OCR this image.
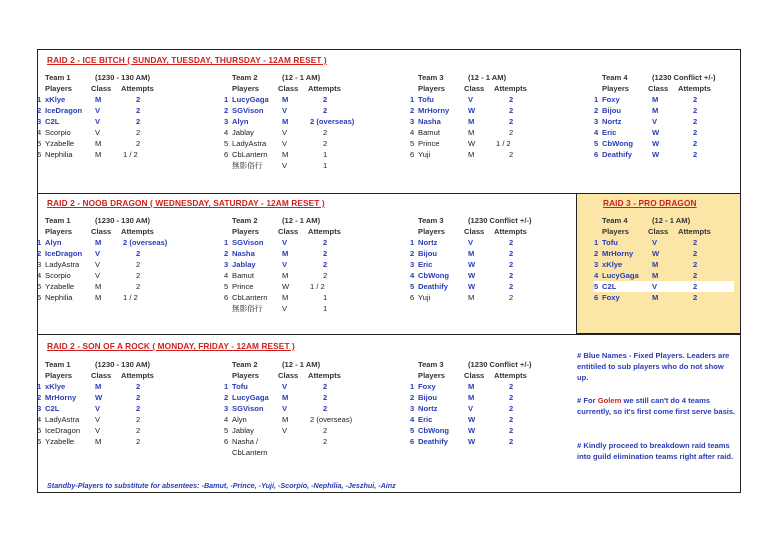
RAID 2 - ICE BITCH ( SUNDAY, TUESDAY, THURSDAY - 12AM RESET )
RAID 2 - NOOB DRAGON ( WEDNESDAY, SATURDAY - 12AM RESET )
RAID 2 - SON OF A ROCK ( MONDAY, FRIDAY - 12AM RESET )
RAID 3 - PRO DRAGON
Team 1	(1230 - 130 AM)
Players Class Attempts
1 xKlye	M	2
2 IceDragon V	2
3 C2L	V	2
4 Scorpio	V	2
5 Yzabelle	M	2
6 Nephilia	M	1 / 2
Team 2	(12 - 1 AM)
Players Class Attempts
1 LucyGaga M	2
2 SGVison V	2
3 Alyn	M	2 (overseas)
4 Jablay	V	2
5 LadyAstra V	2
6 CbLantern M	1
無影俗行	V	1
Team 3	(12 - 1 AM)
Players Class Attempts
1 Tofu	V	2
2 MrHorny W	2
3 Nasha	M	2
4 Bamut	M	2
5 Prince	W	1 / 2
6 Yuji	M	2
Team 4	(1230 Conflict +/-)
Players Class Attempts
1 Foxy	M	2
2 Bijou	M	2
3 Nortz	V	2
4 Eric	W	2
5 CbWong W	2
6 Deathify	W	2
Team 1	(1230 - 130 AM)
Players Class Attempts
1 Alyn	M	2 (overseas)
2 IceDragon V	2
3 LadyAstra V	2
4 Scorpio	V	2
5 Yzabelle	M	2
6 Nephilia	M	1 / 2
Team 2	(12 - 1 AM)
Players Class Attempts
1 SGVison V	2
2 Nasha	M	2
3 Jablay	V	2
4 Bamut	M	2
5 Prince	W	1 / 2
6 CbLantern M	1
無影俗行	V	1
Team 3	(1230 Conflict +/-)
Players Class Attempts
1 Nortz	V	2
2 Bijou	M	2
3 Eric	W	2
4 CbWong W	2
5 Deathify	W	2
6 Yuji	M	2
Team 4	(12 - 1 AM)
Players Class Attempts
1 Tofu	V	2
2 MrHorny W	2
3 xKlye	M	2
4 LucyGaga M	2
5 C2L	V	2
6 Foxy	M	2
Team 1	(1230 - 130 AM)
Players Class Attempts
1 xKlye	M	2
2 MrHorny W	2
3 C2L	V	2
4 LadyAstra V	2
5 IceDragon V	2
6 Yzabelle	M	2
Team 2	(12 - 1 AM)
Players Class Attempts
1 Tofu	V	2
2 LucyGaga M	2
3 SGVison V	2
4 Alyn	M	2 (overseas)
5 Jablay	V	2
6 Nasha /	2
CbLantern
Team 3	(1230 Conflict +/-)
Players Class Attempts
1 Foxy	M	2
2 Bijou	M	2
3 Nortz	V	2
4 Eric	W	2
5 CbWong W	2
6 Deathify	W	2
# Blue Names - Fixed Players. Leaders are entitiled to sub players who do not show up.
# For Golem we still can't do 4 teams currently, so it's first come first serve basis.
# Kindly proceed to breakdown raid teams into guild elimination teams right after raid.
Standby-Players to substitute for absentees: -Bamut, -Prince, -Yuji, -Scorpio, -Nephilia, -Jeszhui, -Ainz
